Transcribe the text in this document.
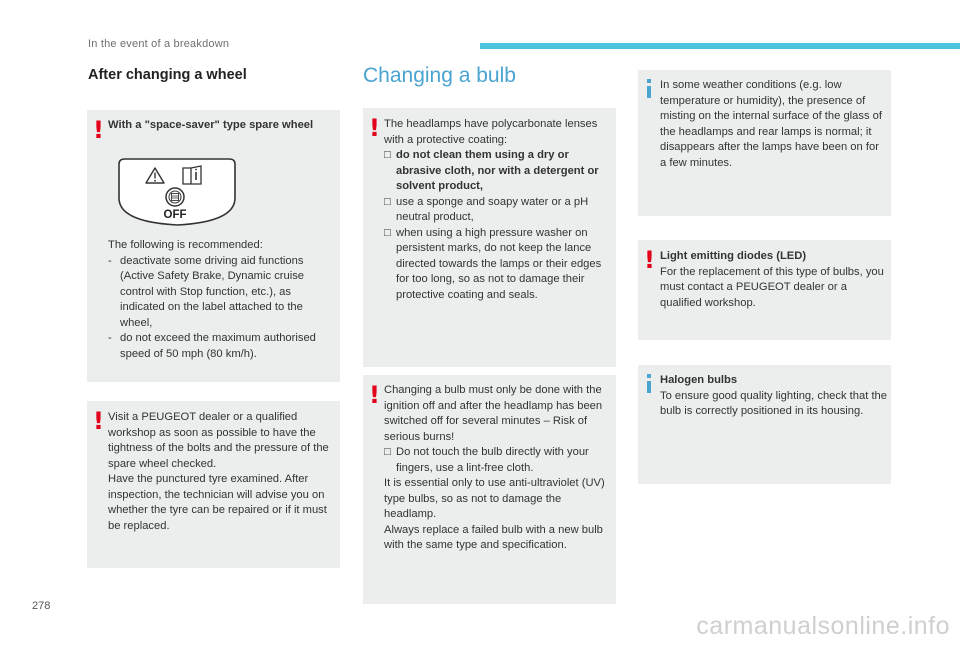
In the event of a breakdown
After changing a wheel
! With a "space-saver" type spare wheel
OFF
The following is recommended:
- deactivate some driving aid functions (Active Safety Brake, Dynamic cruise control with Stop function, etc.), as indicated on the label attached to the wheel,
- do not exceed the maximum authorised speed of 50 mph (80 km/h).
! Visit a PEUGEOT dealer or a qualified workshop as soon as possible to have the tightness of the bolts and the pressure of the spare wheel checked.
Have the punctured tyre examined. After inspection, the technician will advise you on whether the tyre can be repaired or if it must be replaced.
Changing a bulb
! The headlamps have polycarbonate lenses with a protective coating:
□ do not clean them using a dry or abrasive cloth, nor with a detergent or solvent product,
□ use a sponge and soapy water or a pH neutral product,
□ when using a high pressure washer on persistent marks, do not keep the lance directed towards the lamps or their edges for too long, so as not to damage their protective coating and seals.
! Changing a bulb must only be done with the ignition off and after the headlamp has been switched off for several minutes – Risk of serious burns!
□ Do not touch the bulb directly with your fingers, use a lint-free cloth.
It is essential only to use anti-ultraviolet (UV) type bulbs, so as not to damage the headlamp.
Always replace a failed bulb with a new bulb with the same type and specification.
In some weather conditions (e.g. low temperature or humidity), the presence of misting on the internal surface of the glass of the headlamps and rear lamps is normal; it disappears after the lamps have been on for a few minutes.
! Light emitting diodes (LED)
For the replacement of this type of bulbs, you must contact a PEUGEOT dealer or a qualified workshop.
Halogen bulbs
To ensure good quality lighting, check that the bulb is correctly positioned in its housing.
278
carmanualsonline.info
